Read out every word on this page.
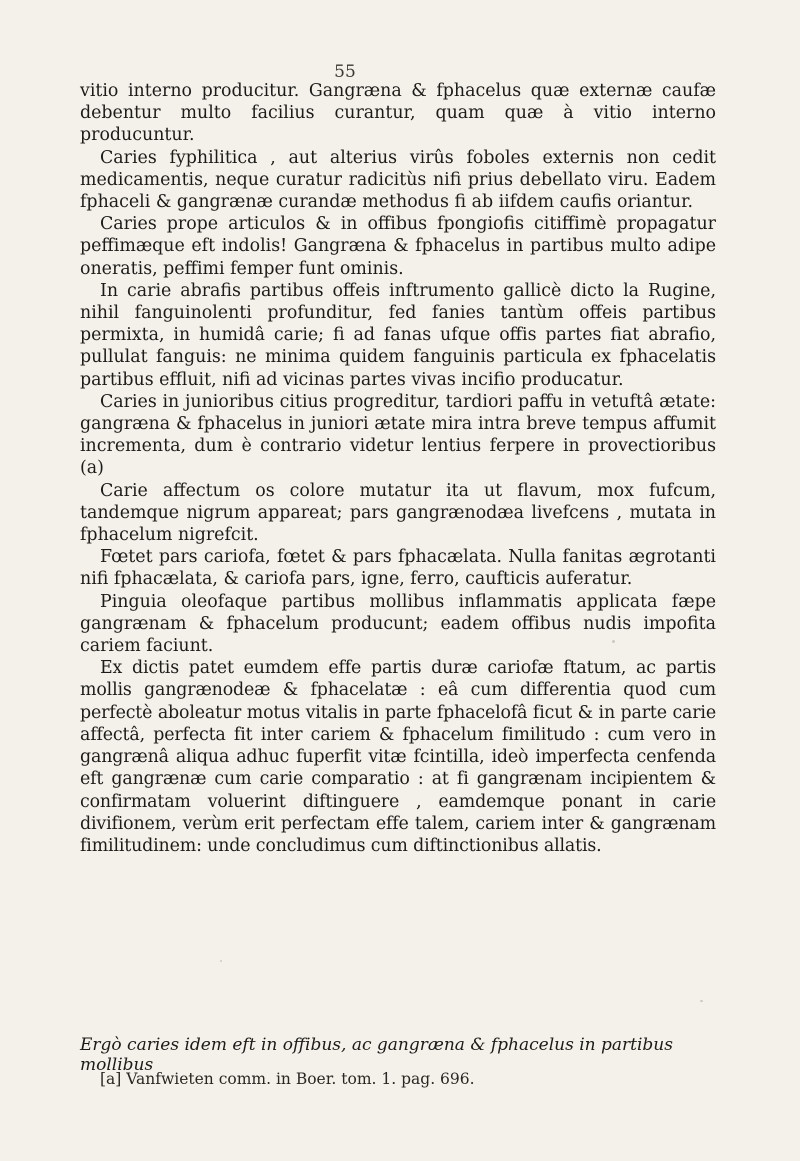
55

vitio interno producitur. Gangræna & fphacelus quæ externæ caufæ debentur multo facilius curantur, quam quæ à vitio interno producuntur.

Caries fyphilitica , aut alterius virûs foboles externis non cedit medicamentis, neque curatur radicitùs nifi prius debellato viru. Eadem fphaceli & gangrænæ curandæ methodus fi ab iifdem caufis oriantur.

Caries prope articulos & in offibus fpongiofis citiffimè propagatur peffimæque eft indolis! Gangræna & fphacelus in partibus multo adipe oneratis, peffimi femper funt ominis.

In carie abrafis partibus offeis inftrumento gallicè dicto la Rugine, nihil fanguinolenti profunditur, fed fanies tantùm offeis partibus permixta, in humidâ carie; fi ad fanas ufque offis partes fiat abrafio, pullulat fanguis: ne minima quidem fanguinis particula ex fphacelatis partibus effluit, nifi ad vicinas partes vivas incifio producatur.

Caries in junioribus citius progreditur, tardiori paffu in vetuftâ ætate: gangræna & fphacelus in juniori ætate mira intra breve tempus affumit incrementa, dum è contrario videtur lentius ferpere in provectioribus (a)

Carie affectum os colore mutatur ita ut flavum, mox fufcum, tandemque nigrum appareat; pars gangrænodæa livefcens , mutata in fphacelum nigrefcit.

Fœtet pars cariofa, fœtet & pars fphacælata. Nulla fanitas ægrotanti nifi fphacælata, & cariofa pars, igne, ferro, caufticis auferatur.

Pinguia oleofaque partibus mollibus inflammatis applicata fæpe gangrænam & fphacelum producunt; eadem offibus nudis impofita cariem faciunt.

Ex dictis patet eumdem effe partis duræ cariofæ ftatum, ac partis mollis gangrænodeæ & fphacelatæ : eâ cum differentia quod cum perfectè aboleatur motus vitalis in parte fphacelofâ ficut & in parte carie affectâ, perfecta fit inter cariem & fphacelum fimilitudo : cum vero in gangrænâ aliqua adhuc fuperfit vitæ fcintilla, ideò imperfecta cenfenda eft gangrænæ cum carie comparatio : at fi gangrænam incipientem & confirmatam voluerint diftinguere , eamdemque ponant in carie divifionem, verùm erit perfectam effe talem, cariem inter & gangrænam fimilitudinem: unde concludimus cum diftinctionibus allatis.

Ergò caries idem eft in offibus, ac gangræna & fphacelus in partibus mollibus
[a] Vanfwieten comm. in Boer. tom. 1. pag. 696.
